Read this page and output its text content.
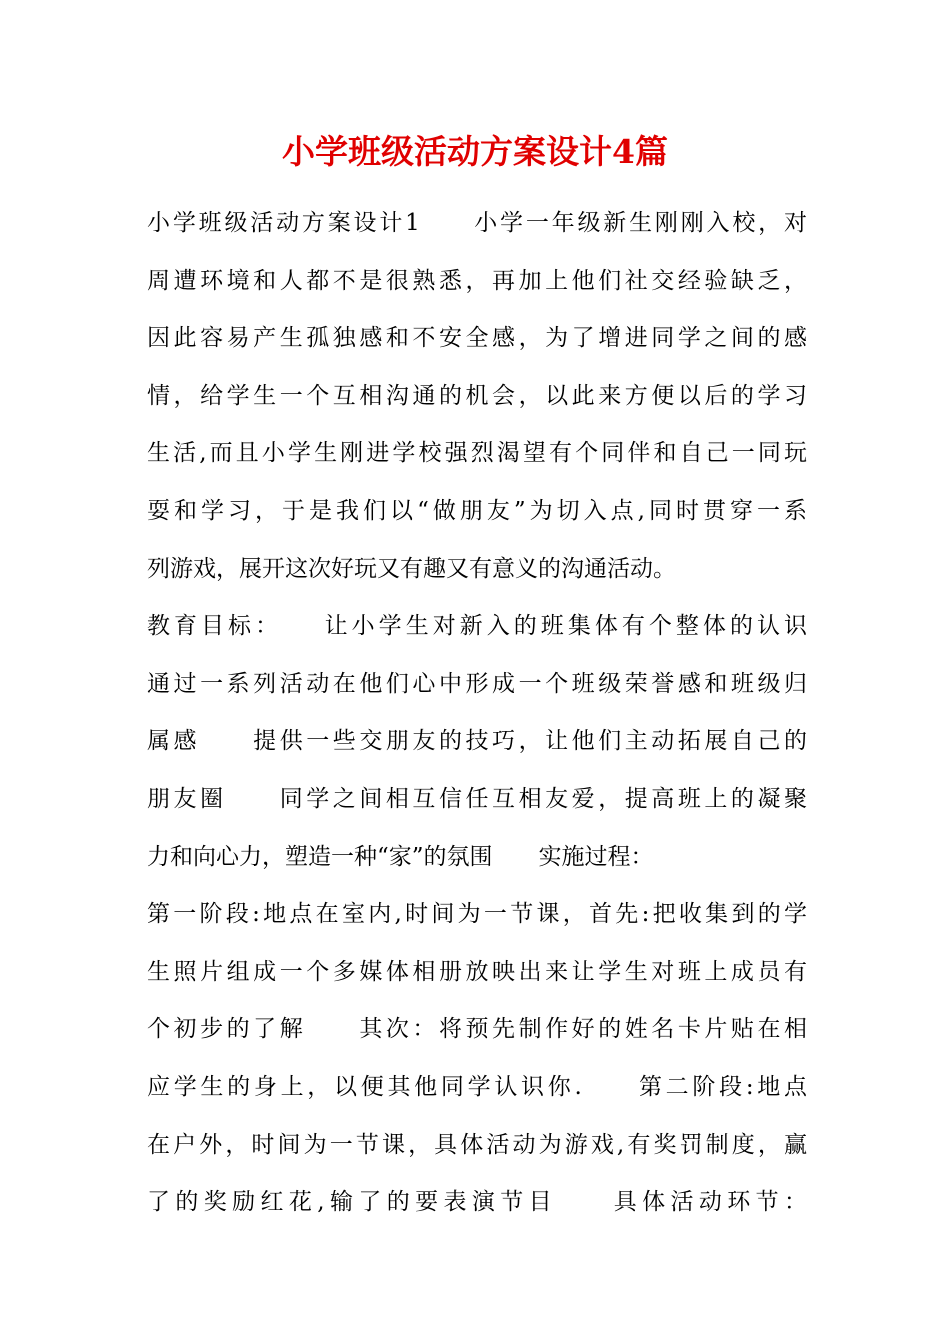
小学班级活动方案设计4篇
小学班级活动方案设计1　　小学一年级新生刚刚入校，对
周遭环境和人都不是很熟悉，再加上他们社交经验缺乏，
因此容易产生孤独感和不安全感，为了增进同学之间的感
情，给学生一个互相沟通的机会，以此来方便以后的学习
生活,而且小学生刚进学校强烈渴望有个同伴和自己一同玩
耍和学习，于是我们以“做朋友”为切入点,同时贯穿一系
列游戏，展开这次好玩又有趣又有意义的沟通活动。
教育目标：　　让小学生对新入的班集体有个整体的认识
通过一系列活动在他们心中形成一个班级荣誉感和班级归
属感　　提供一些交朋友的技巧，让他们主动拓展自己的
朋友圈　　同学之间相互信任互相友爱，提高班上的凝聚
力和向心力，塑造一种“家”的氛围　　实施过程：
第一阶段:地点在室内,时间为一节课，首先:把收集到的学
生照片组成一个多媒体相册放映出来让学生对班上成员有
个初步的了解　　其次：将预先制作好的姓名卡片贴在相
应学生的身上，以便其他同学认识你.　　第二阶段:地点
在户外，时间为一节课，具体活动为游戏,有奖罚制度，赢
了的奖励红花,输了的要表演节目　　具体活动环节：
